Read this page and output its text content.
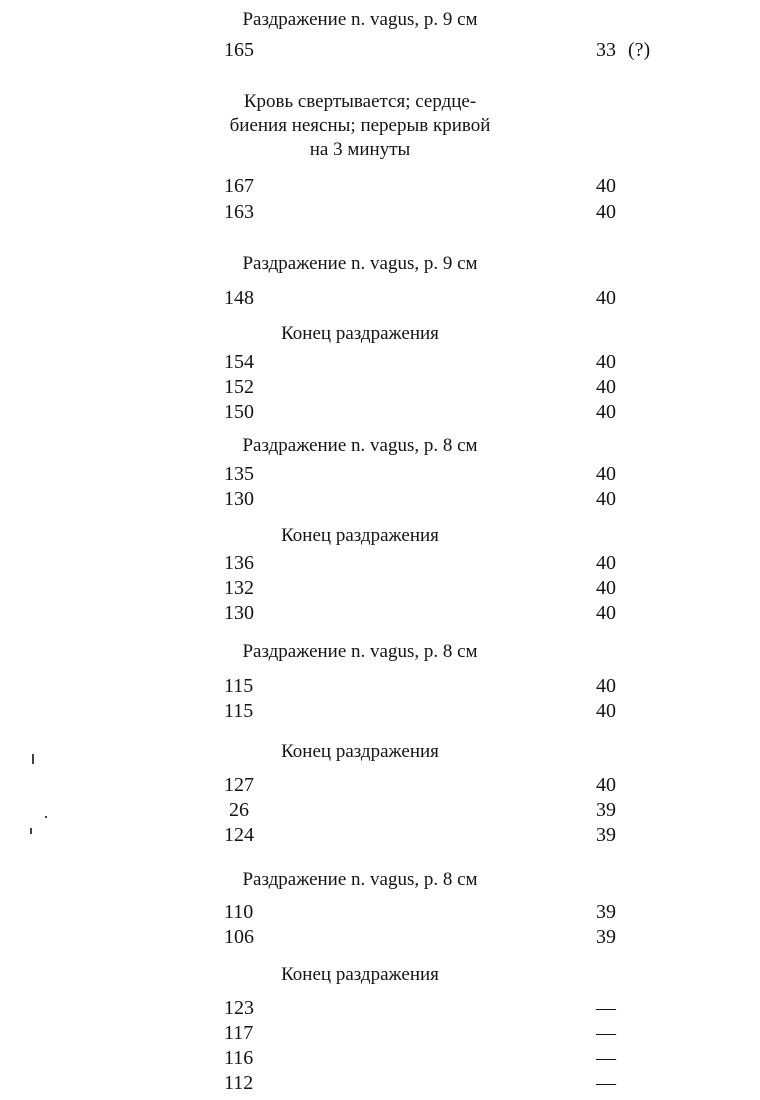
Раздражение n. vagus, p. 9 см
165	33 (?)
Кровь свертывается; сердце-
биения неясны; перерыв кривой
на 3 минуты
167	40
163	40
Раздражение n. vagus, p. 9 см
148	40
Конец раздражения
154	40
152	40
150	40
Раздражение n. vagus, p. 8 см
135	40
130	40
Конец раздражения
136	40
132	40
130	40
Раздражение n. vagus, p. 8 см
115	40
115	40
Конец раздражения
127	40
26	39
124	39
Раздражение n. vagus, p. 8 см
110	39
106	39
Конец раздражения
123	—
117	—
116	—
112	—
